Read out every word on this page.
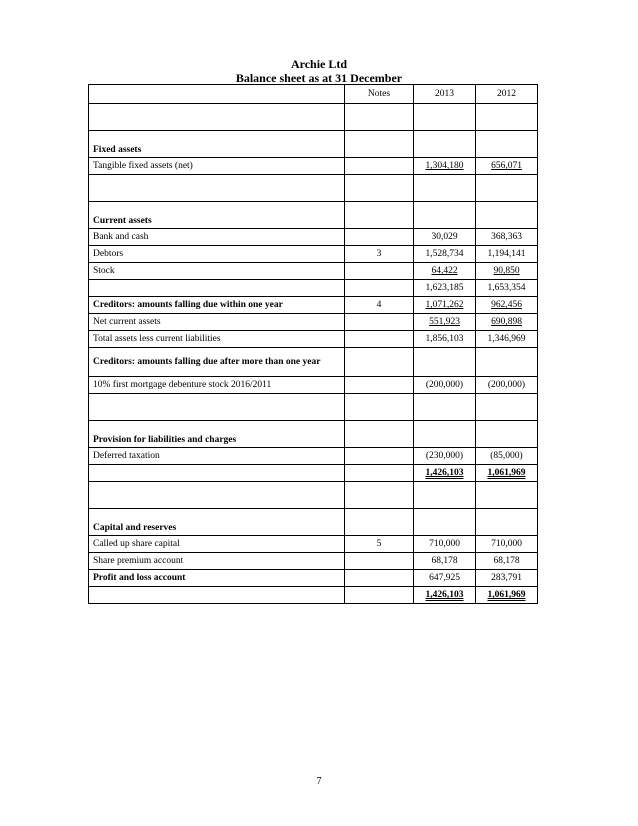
Archie Ltd
Balance sheet as at 31 December
	Notes	2013	2012

Fixed assets			
Tangible fixed assets (net)		1,304,180	656,071

Current assets			
Bank and cash		30,029	368,363
Debtors	3	1,528,734	1,194,141
Stock		64,422	90,850
		1,623,185	1,653,354
Creditors: amounts falling due within one year	4	1,071,262	962,456
Net current assets		551,923	690,898
Total assets less current liabilities		1,856,103	1,346,969
Creditors: amounts falling due after more than one year			
10% first mortgage debenture stock 2016/2011		(200,000)	(200,000)

Provision for liabilities and charges			
Deferred taxation		(230,000)	(85,000)
		1,426,103	1,061,969

Capital and reserves			
Called up share capital	5	710,000	710,000
Share premium account		68,178	68,178
Profit and loss account		647,925	283,791
		1,426,103	1,061,969
7
